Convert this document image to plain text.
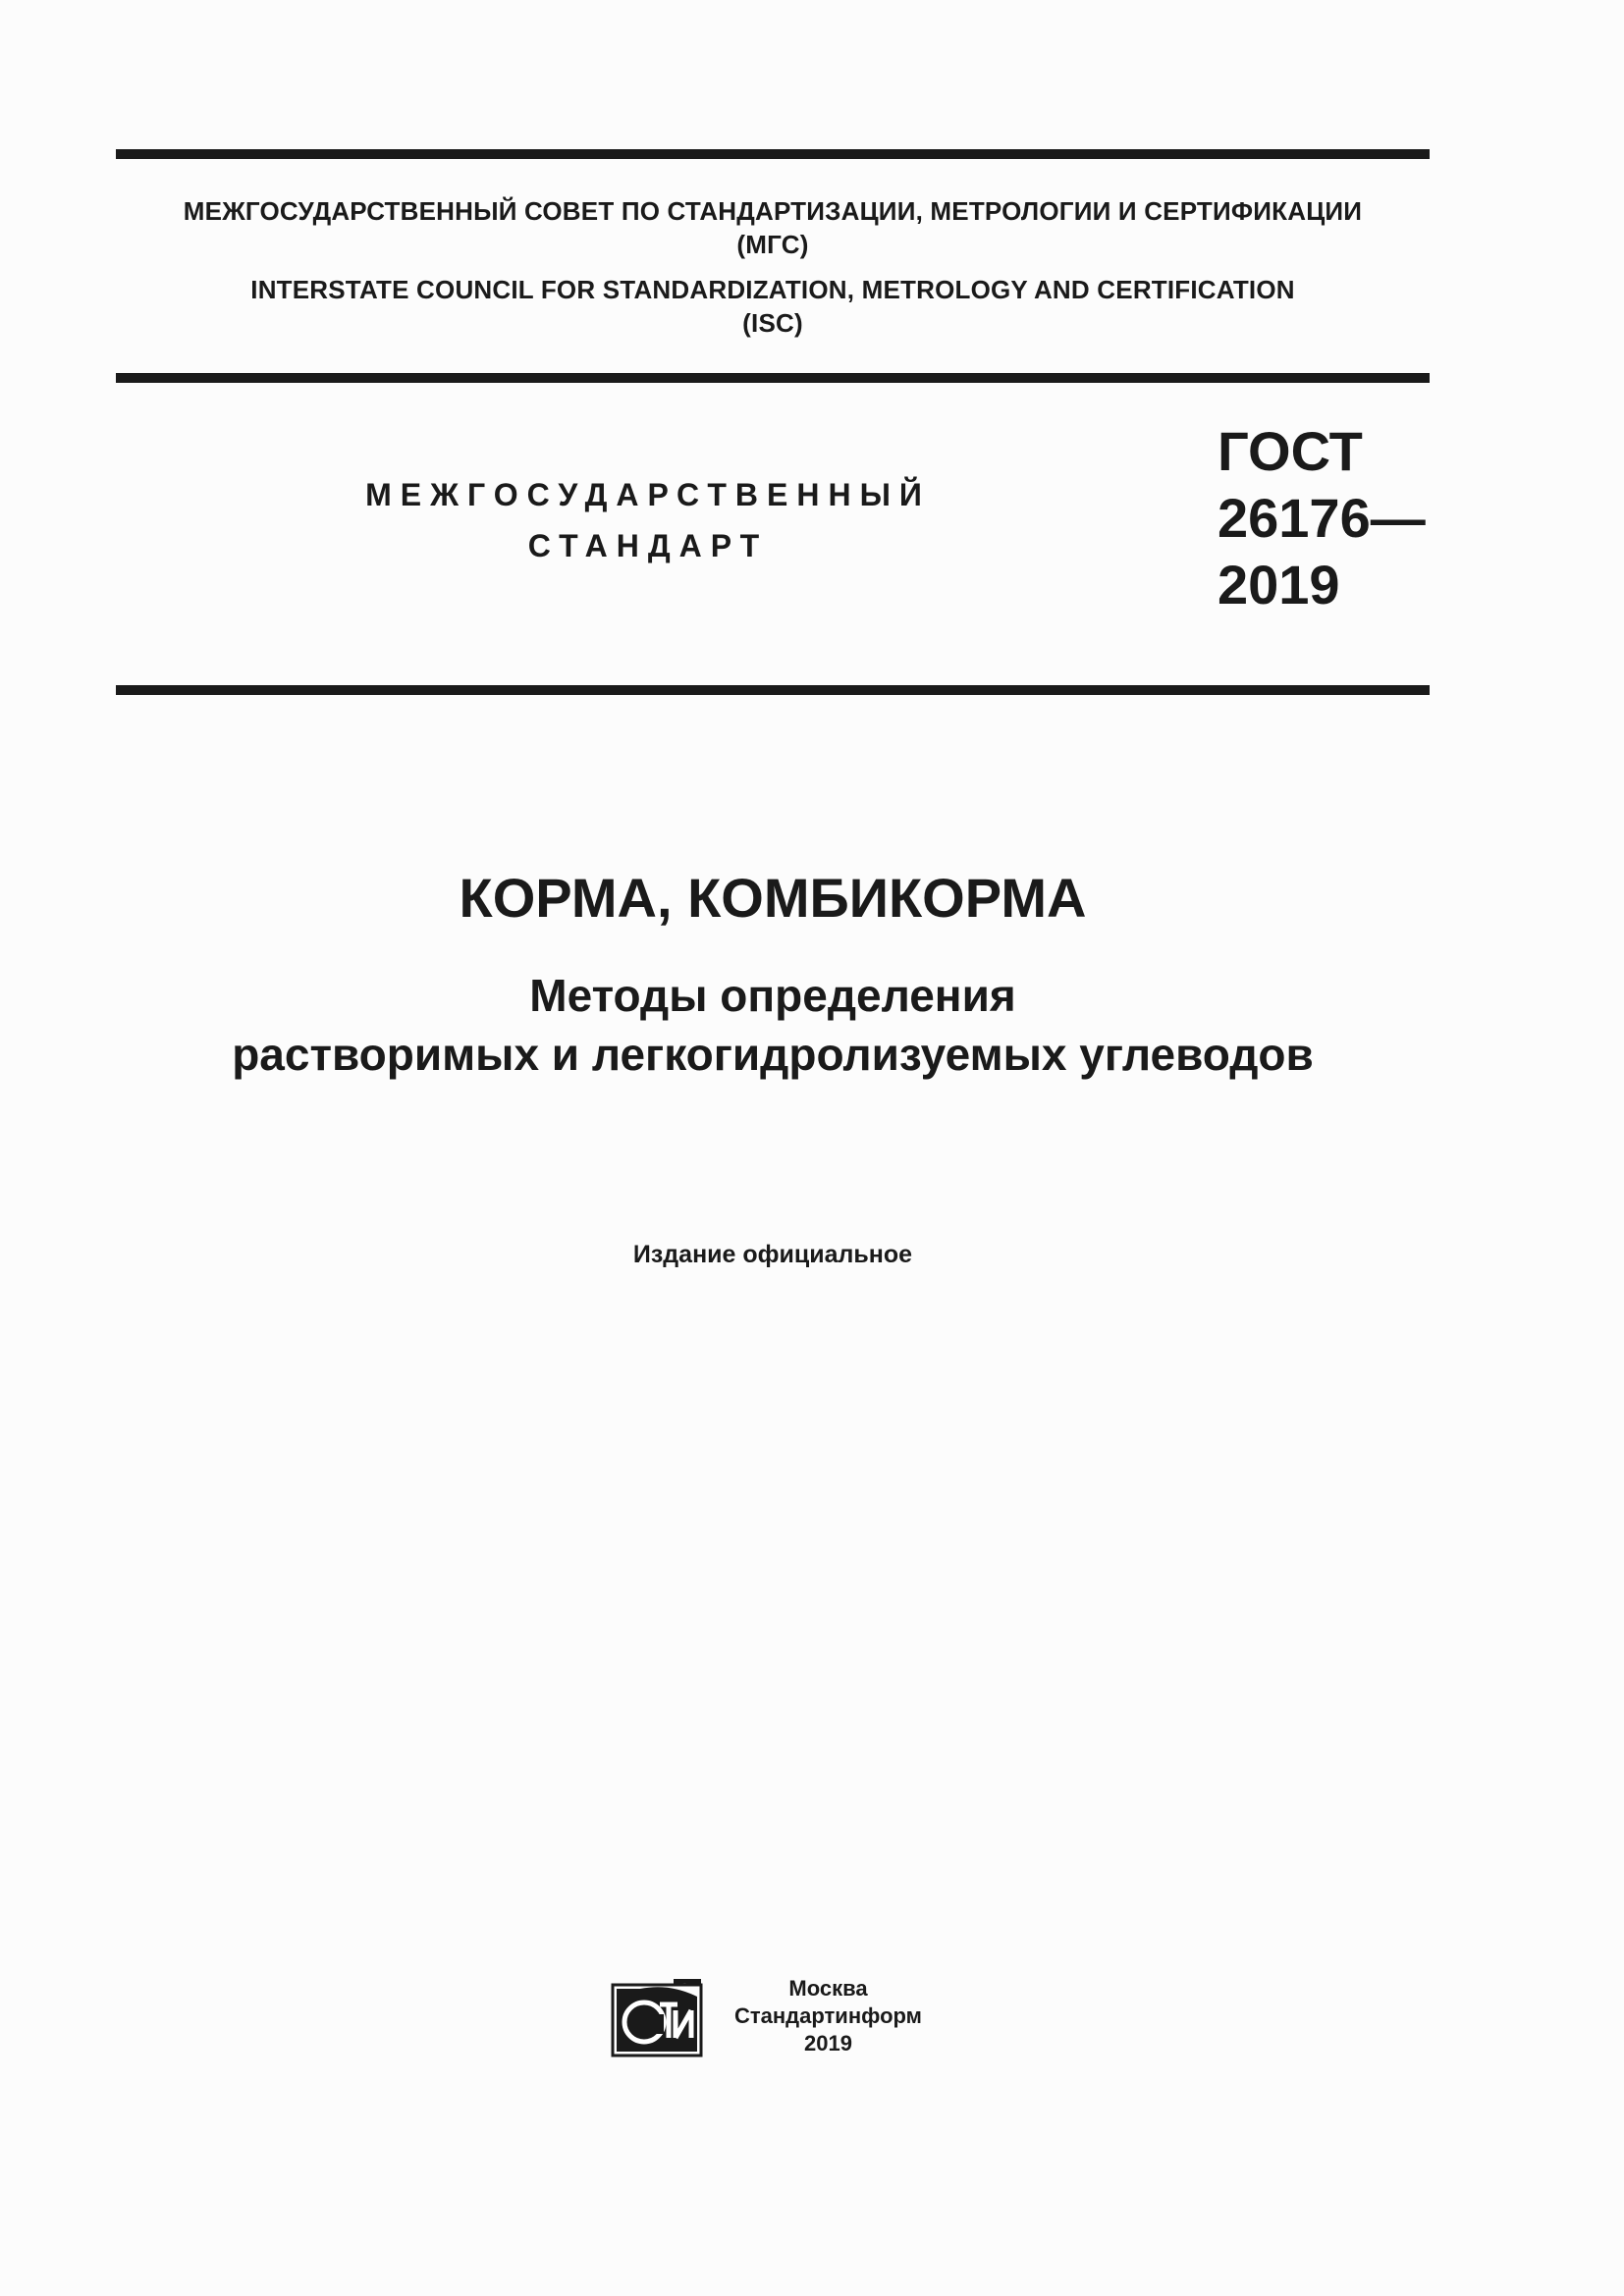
МЕЖГОСУДАРСТВЕННЫЙ СОВЕТ ПО СТАНДАРТИЗАЦИИ, МЕТРОЛОГИИ И СЕРТИФИКАЦИИ
(МГС)
INTERSTATE COUNCIL FOR STANDARDIZATION, METROLOGY AND CERTIFICATION
(ISC)
МЕЖГОСУДАРСТВЕННЫЙ
СТАНДАРТ
ГОСТ
26176—
2019
КОРМА, КОМБИКОРМА
Методы определения
растворимых и легкогидролизуемых углеводов
Издание официальное
Москва
Стандартинформ
2019
